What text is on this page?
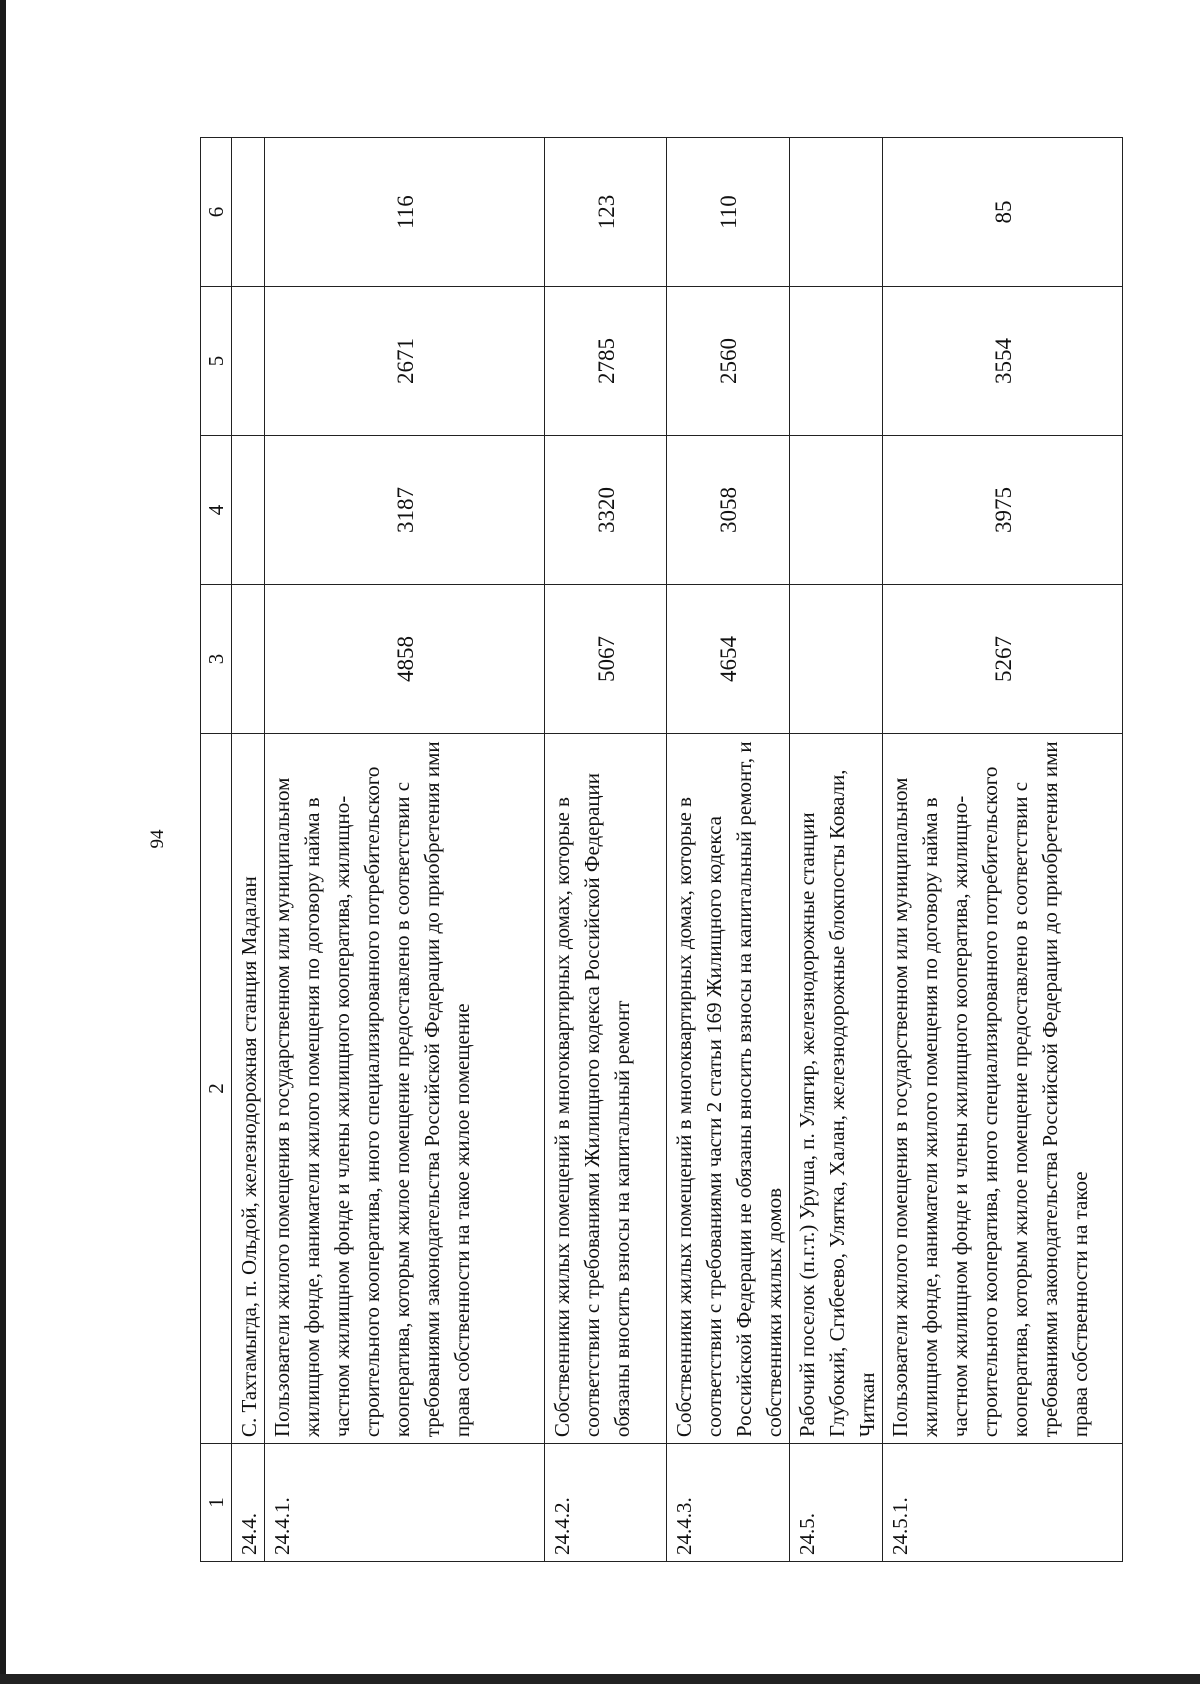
94
1	2	3	4	5	6
24.4.	С. Тахтамыгда, п. Ольдой, железнодорожная станция Мадалан				
24.4.1.	Пользователи жилого помещения в государственном или муниципальном жилищном фонде, наниматели жилого помещения по договору найма в частном жилищном фонде и члены жилищного кооператива, жилищно-строительного кооператива, иного специализированного потребительского кооператива, которым жилое помещение предоставлено в соответствии с требованиями законодательства Российской Федерации до приобретения ими права собственности на такое жилое помещение	4858	3187	2671	116
24.4.2.	Собственники жилых помещений в многоквартирных домах, которые в соответствии с требованиями Жилищного кодекса Российской Федерации обязаны вносить взносы на капитальный ремонт	5067	3320	2785	123
24.4.3.	Собственники жилых помещений в многоквартирных домах, которые в соответствии с требованиями части 2 статьи 169 Жилищного кодекса Российской Федерации не обязаны вносить взносы на капитальный ремонт, и собственники жилых домов	4654	3058	2560	110
24.5.	Рабочий поселок (п.г.т.) Уруша, п. Улягир, железнодорожные станции Глубокий, Сгибеево, Уляткa, Халан, железнодорожные блокпосты Ковали, Читкан				
24.5.1.	Пользователи жилого помещения в государственном или муниципальном жилищном фонде, наниматели жилого помещения по договору найма в частном жилищном фонде и члены жилищного кооператива, жилищно-строительного кооператива, иного специализированного потребительского кооператива, которым жилое помещение предоставлено в соответствии с требованиями законодательства Российской Федерации до приобретения ими права собственности на такое	5267	3975	3554	85
